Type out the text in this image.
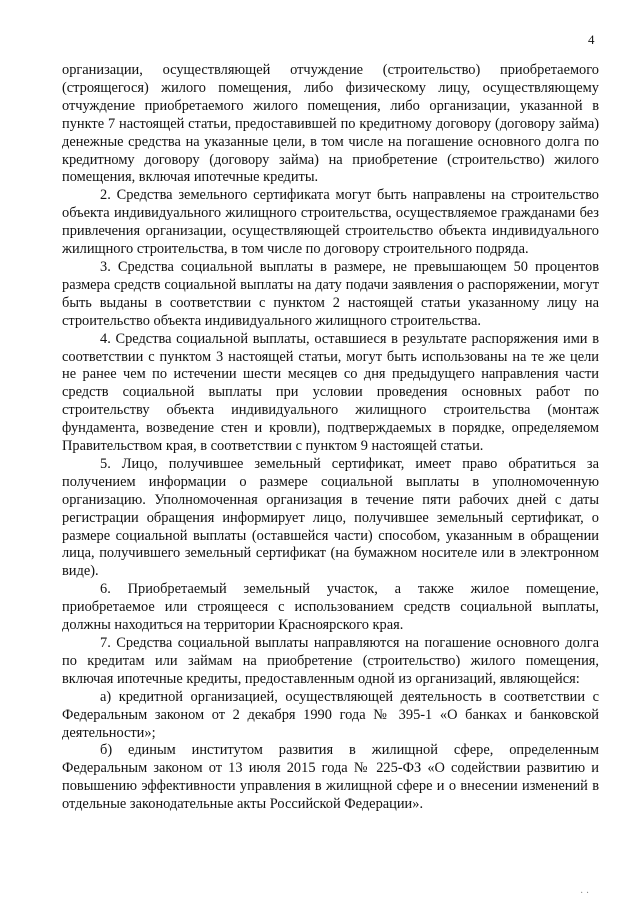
4

организации, осуществляющей отчуждение (строительство) приобретаемого (строящегося) жилого помещения, либо физическому лицу, осуществляющему отчуждение приобретаемого жилого помещения, либо организации, указанной в пункте 7 настоящей статьи, предоставившей по кредитному договору (договору займа) денежные средства на указанные цели, в том числе на погашение основного долга по кредитному договору (договору займа) на приобретение (строительство) жилого помещения, включая ипотечные кредиты.

2. Средства земельного сертификата могут быть направлены на строительство объекта индивидуального жилищного строительства, осуществляемое гражданами без привлечения организации, осуществляющей строительство объекта индивидуального жилищного строительства, в том числе по договору строительного подряда.

3. Средства социальной выплаты в размере, не превышающем 50 процентов размера средств социальной выплаты на дату подачи заявления о распоряжении, могут быть выданы в соответствии с пунктом 2 настоящей статьи указанному лицу на строительство объекта индивидуального жилищного строительства.

4. Средства социальной выплаты, оставшиеся в результате распоряжения ими в соответствии с пунктом 3 настоящей статьи, могут быть использованы на те же цели не ранее чем по истечении шести месяцев со дня предыдущего направления части средств социальной выплаты при условии проведения основных работ по строительству объекта индивидуального жилищного строительства (монтаж фундамента, возведение стен и кровли), подтверждаемых в порядке, определяемом Правительством края, в соответствии с пунктом 9 настоящей статьи.

5. Лицо, получившее земельный сертификат, имеет право обратиться за получением информации о размере социальной выплаты в уполномоченную организацию. Уполномоченная организация в течение пяти рабочих дней с даты регистрации обращения информирует лицо, получившее земельный сертификат, о размере социальной выплаты (оставшейся части) способом, указанным в обращении лица, получившего земельный сертификат (на бумажном носителе или в электронном виде).

6. Приобретаемый земельный участок, а также жилое помещение, приобретаемое или строящееся с использованием средств социальной выплаты, должны находиться на территории Красноярского края.

7. Средства социальной выплаты направляются на погашение основного долга по кредитам или займам на приобретение (строительство) жилого помещения, включая ипотечные кредиты, предоставленным одной из организаций, являющейся:

а) кредитной организацией, осуществляющей деятельность в соответствии с Федеральным законом от 2 декабря 1990 года № 395-1 «О банках и банковской деятельности»;

б) единым институтом развития в жилищной сфере, определенным Федеральным законом от 13 июля 2015 года № 225-ФЗ «О содействии развитию и повышению эффективности управления в жилищной сфере и о внесении изменений в отдельные законодательные акты Российской Федерации».

· ·
